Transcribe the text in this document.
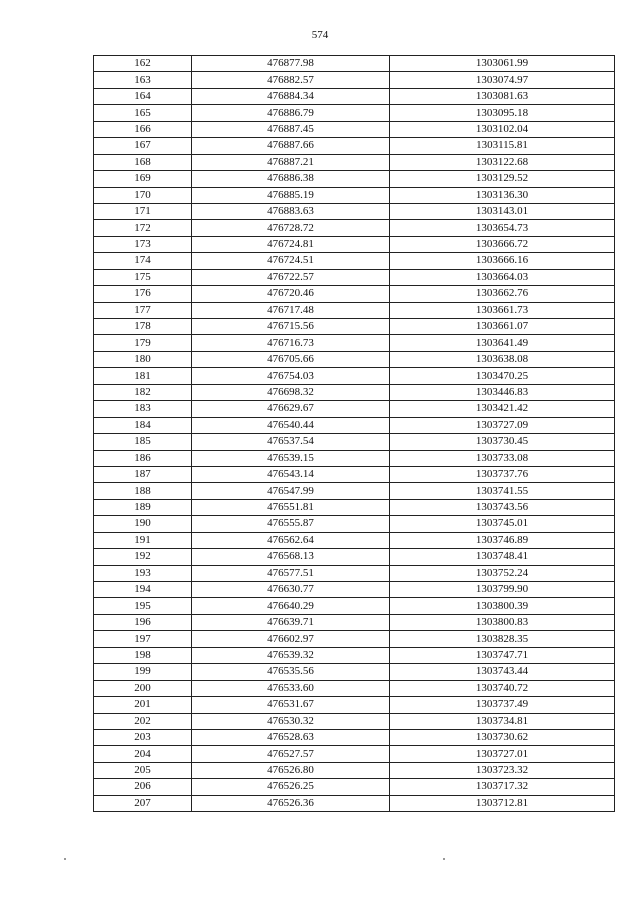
574
162	476877.98	1303061.99
163	476882.57	1303074.97
164	476884.34	1303081.63
165	476886.79	1303095.18
166	476887.45	1303102.04
167	476887.66	1303115.81
168	476887.21	1303122.68
169	476886.38	1303129.52
170	476885.19	1303136.30
171	476883.63	1303143.01
172	476728.72	1303654.73
173	476724.81	1303666.72
174	476724.51	1303666.16
175	476722.57	1303664.03
176	476720.46	1303662.76
177	476717.48	1303661.73
178	476715.56	1303661.07
179	476716.73	1303641.49
180	476705.66	1303638.08
181	476754.03	1303470.25
182	476698.32	1303446.83
183	476629.67	1303421.42
184	476540.44	1303727.09
185	476537.54	1303730.45
186	476539.15	1303733.08
187	476543.14	1303737.76
188	476547.99	1303741.55
189	476551.81	1303743.56
190	476555.87	1303745.01
191	476562.64	1303746.89
192	476568.13	1303748.41
193	476577.51	1303752.24
194	476630.77	1303799.90
195	476640.29	1303800.39
196	476639.71	1303800.83
197	476602.97	1303828.35
198	476539.32	1303747.71
199	476535.56	1303743.44
200	476533.60	1303740.72
201	476531.67	1303737.49
202	476530.32	1303734.81
203	476528.63	1303730.62
204	476527.57	1303727.01
205	476526.80	1303723.32
206	476526.25	1303717.32
207	476526.36	1303712.81
